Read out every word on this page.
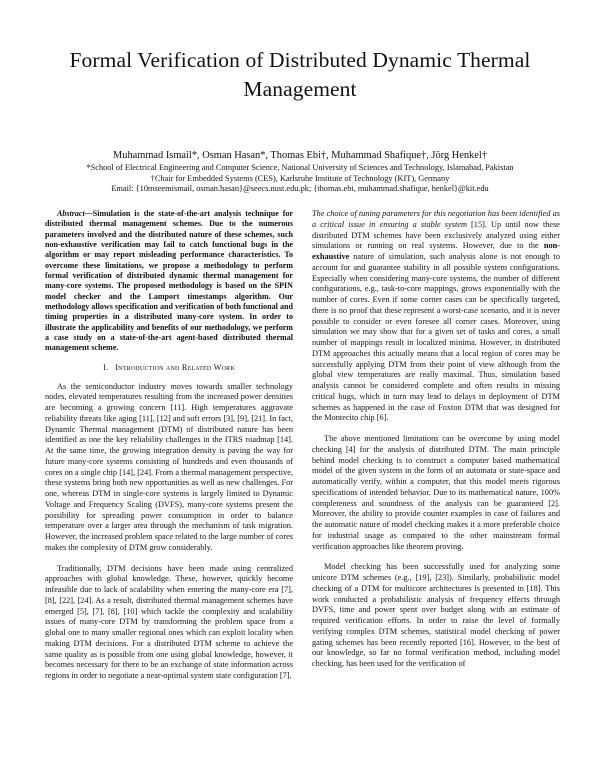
Formal Verification of Distributed Dynamic Thermal Management
Muhammad Ismail*, Osman Hasan*, Thomas Ebi†, Muhammad Shafique†, Jörg Henkel†
*School of Electrical Engineering and Computer Science, National University of Sciences and Technology, Islamabad, Pakistan
†Chair for Embedded Systems (CES), Karlsruhe Institute of Technology (KIT), Germany
Email: {10mseemismail, osman.hasan}@seecs.nust.edu.pk; {thomas.ebi, muhammad.shafique, henkel}@kit.edu

Abstract—Simulation is the state-of-the-art analysis technique for distributed thermal management schemes. Due to the numerous parameters involved and the distributed nature of these schemes, such non-exhaustive verification may fail to catch functional bugs in the algorithm or may report misleading performance characteristics. To overcome these limitations, we propose a methodology to perform formal verification of distributed dynamic thermal management for many-core systems. The proposed methodology is based on the SPIN model checker and the Lamport timestamps algorithm. Our methodology allows specification and verification of both functional and timing properties in a distributed many-core system. In order to illustrate the applicability and benefits of our methodology, we perform a case study on a state-of-the-art agent-based distributed thermal management scheme.

I. Introduction and Related Work

As the semiconductor industry moves towards smaller technology nodes, elevated temperatures resulting from the increased power densities are becoming a growing concern [11]. High temperatures aggravate reliability threats like aging [11], [12] and soft errors [3], [9], [21]. In fact, Dynamic Thermal management (DTM) of distributed nature has been identified as one the key reliability challenges in the ITRS roadmap [14]. At the same time, the growing integration density is paving the way for future many-core systems consisting of hundreds and even thousands of cores on a single chip [14], [24]. From a thermal management perspective, these systems bring both new opportunities as well as new challenges. For one, whereas DTM in single-core systems is largely limited to Dynamic Voltage and Frequency Scaling (DVFS), many-core systems present the possibility for spreading power consumption in order to balance temperature over a larger area through the mechanism of task migration. However, the increased problem space related to the large number of cores makes the complexity of DTM grow considerably.

Traditionally, DTM decisions have been made using centralized approaches with global knowledge. These, however, quickly become infeasible due to lack of scalability when entering the many-core era [7], [8], [22], [24]. As a result, distributed thermal management schemes have emerged [5], [7], [8], [10] which tackle the complexity and scalability issues of many-core DTM by transforming the problem space from a global one to many smaller regional ones which can exploit locality when making DTM decisions. For a distributed DTM scheme to achieve the same quality as is possible from one using global knowledge, however, it becomes necessary for there to be an exchange of state information across regions in order to negotiate a near-optimal system state configuration [7].

The choice of tuning parameters for this negotiation has been identified as a critical issue in ensuring a stable system [15]. Up until now these distributed DTM schemes have been exclusively analyzed using either simulations or running on real systems. However, due to the non-exhaustive nature of simulation, such analysis alone is not enough to account for and guarantee stability in all possible system configurations. Especially when considering many-core systems, the number of different configurations, e.g., task-to-core mappings, grows exponentially with the number of cores. Even if some corner cases can be specifically targeted, there is no proof that these represent a worst-case scenario, and it is never possible to consider or even foresee all corner cases. Moreover, using simulation we may show that for a given set of tasks and cores, a small number of mappings result in localized minima. However, in distributed DTM approaches this actually means that a local region of cores may be successfully applying DTM from their point of view although from the global view temperatures are really maximal. Thus, simulation based analysis cannot be considered complete and often results in missing critical bugs, which in turn may lead to delays in deployment of DTM schemes as happened in the case of Foxton DTM that was designed for the Montecito chip [6].

The above mentioned limitations can be overcome by using model checking [4] for the analysis of distributed DTM. The main principle behind model checking is to construct a computer based mathematical model of the given system in the form of an automata or state-space and automatically verify, within a computer, that this model meets rigorous specifications of intended behavior. Due to its mathematical nature, 100% completeness and soundness of the analysis can be guaranteed [2]. Moreover, the ability to provide counter examples in case of failures and the automatic nature of model checking makes it a more preferable choice for industrial usage as compared to the other mainstream formal verification approaches like theorem proving.

Model checking has been successfully used for analyzing some unicore DTM schemes (e.g., [19], [23]). Similarly, probabilistic model checking of a DTM for multicore architectures is presented in [18]. This work conducted a probabilistic analysis of frequency effects through DVFS, time and power spent over budget along with an estimate of required verification efforts. In order to raise the level of formally verifying complex DTM schemes, statistical model checking of power gating schemes has been recently reported [16]. However, to the best of our knowledge, so far no formal verification method, including model checking, has been used for the verification of
